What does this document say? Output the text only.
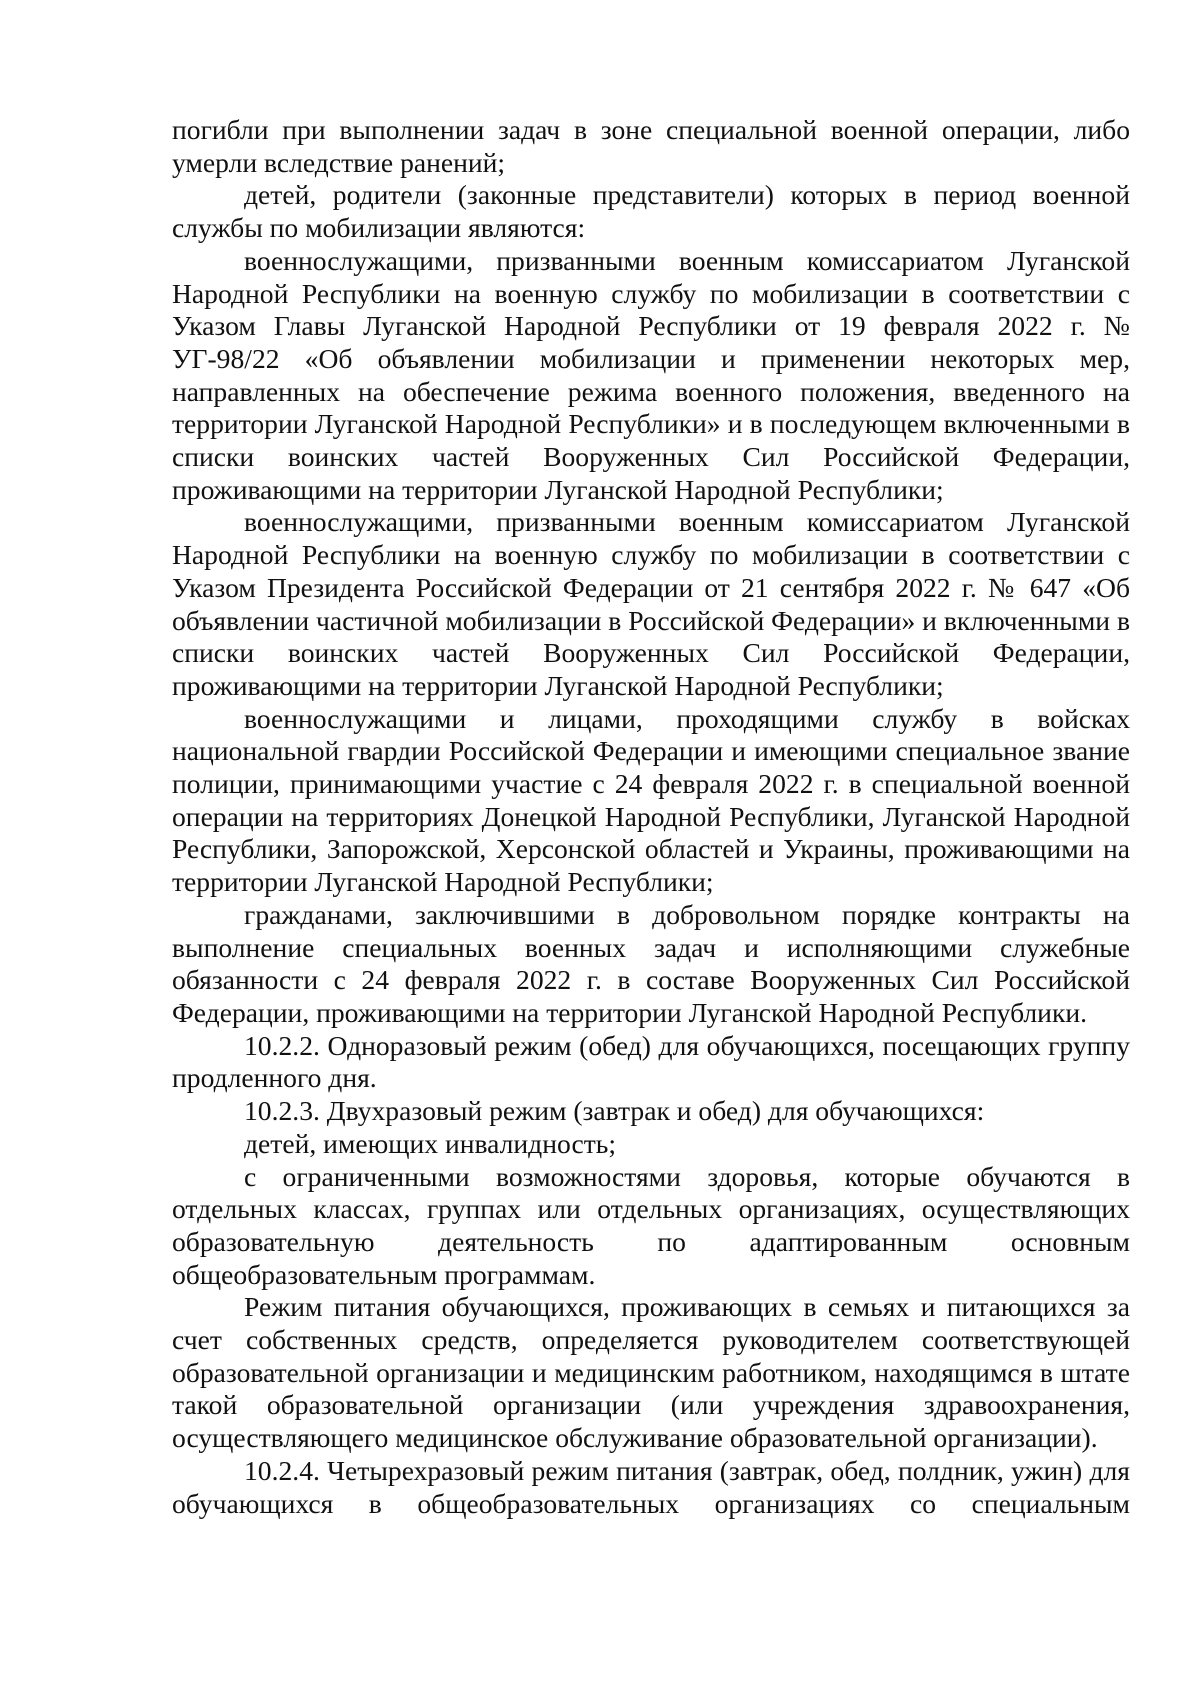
погибли при выполнении задач в зоне специальной военной операции, либо умерли вследствие ранений;

детей, родители (законные представители) которых в период военной службы по мобилизации являются:

военнослужащими, призванными военным комиссариатом Луганской Народной Республики на военную службу по мобилизации в соответствии с Указом Главы Луганской Народной Республики от 19 февраля 2022 г. № УГ-98/22 «Об объявлении мобилизации и применении некоторых мер, направленных на обеспечение режима военного положения, введенного на территории Луганской Народной Республики» и в последующем включенными в списки воинских частей Вооруженных Сил Российской Федерации, проживающими на территории Луганской Народной Республики;

военнослужащими, призванными военным комиссариатом Луганской Народной Республики на военную службу по мобилизации в соответствии с Указом Президента Российской Федерации от 21 сентября 2022 г. № 647 «Об объявлении частичной мобилизации в Российской Федерации» и включенными в списки воинских частей Вооруженных Сил Российской Федерации, проживающими на территории Луганской Народной Республики;

военнослужащими и лицами, проходящими службу в войсках национальной гвардии Российской Федерации и имеющими специальное звание полиции, принимающими участие с 24 февраля 2022 г. в специальной военной операции на территориях Донецкой Народной Республики, Луганской Народной Республики, Запорожской, Херсонской областей и Украины, проживающими на территории Луганской Народной Республики;

гражданами, заключившими в добровольном порядке контракты на выполнение специальных военных задач и исполняющими служебные обязанности с 24 февраля 2022 г. в составе Вооруженных Сил Российской Федерации, проживающими на территории Луганской Народной Республики.

10.2.2. Одноразовый режим (обед) для обучающихся, посещающих группу продленного дня.

10.2.3. Двухразовый режим (завтрак и обед) для обучающихся:

детей, имеющих инвалидность;

с ограниченными возможностями здоровья, которые обучаются в отдельных классах, группах или отдельных организациях, осуществляющих образовательную деятельность по адаптированным основным общеобразовательным программам.

Режим питания обучающихся, проживающих в семьях и питающихся за счет собственных средств, определяется руководителем соответствующей образовательной организации и медицинским работником, находящимся в штате такой образовательной организации (или учреждения здравоохранения, осуществляющего медицинское обслуживание образовательной организации).

10.2.4. Четырехразовый режим питания (завтрак, обед, полдник, ужин) для обучающихся в общеобразовательных организациях со специальным
